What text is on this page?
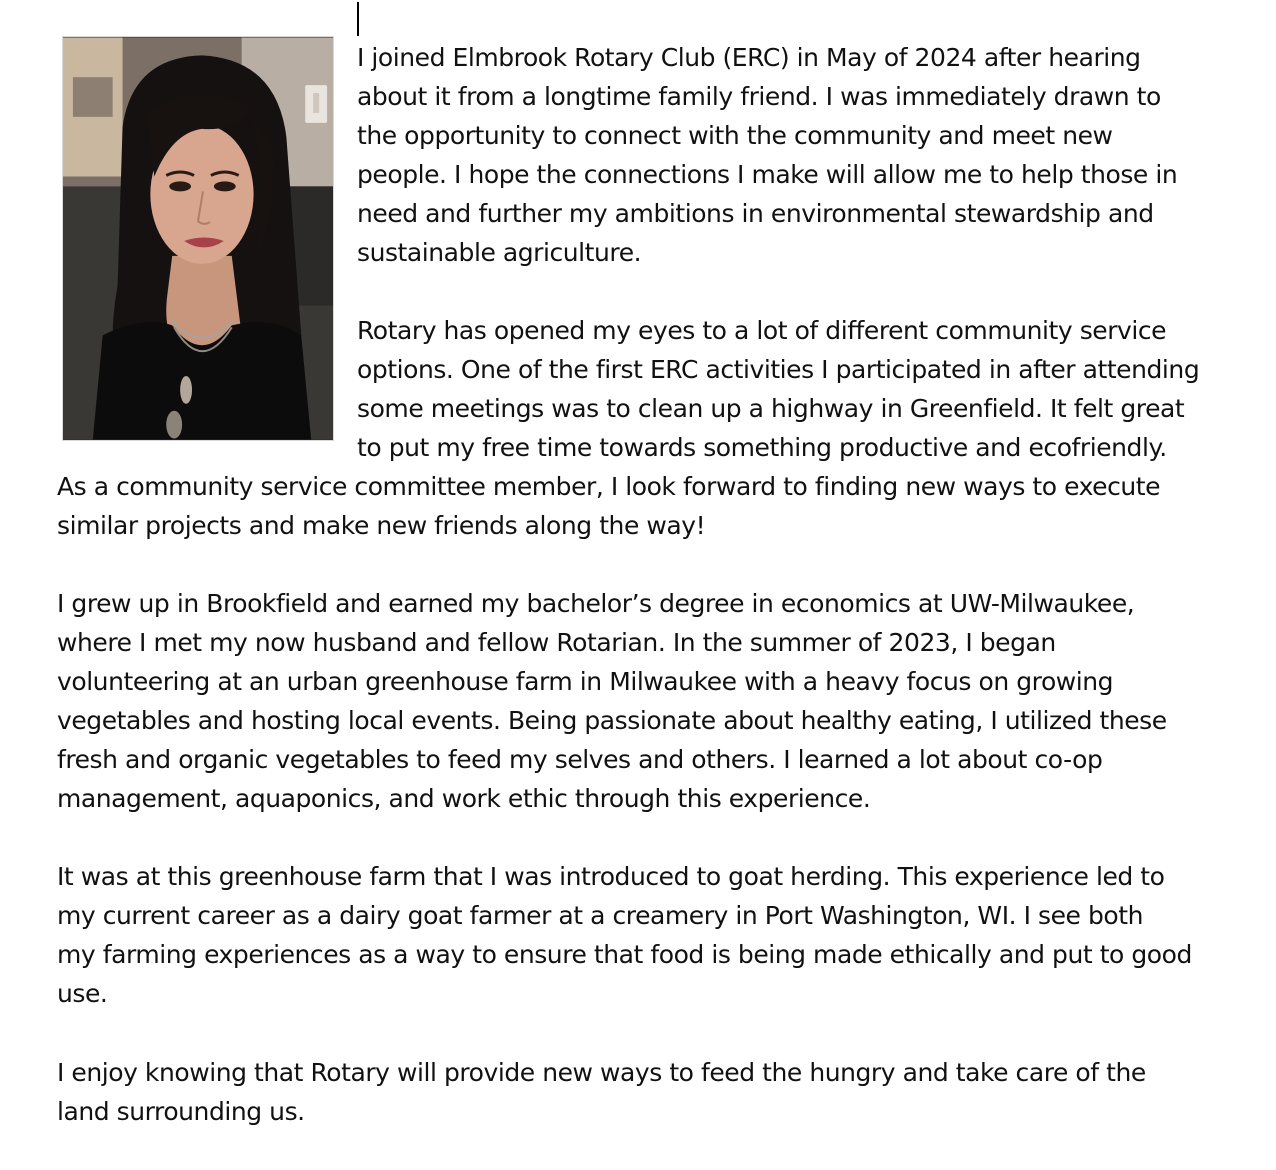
I joined Elmbrook Rotary Club (ERC) in May of 2024 after hearing
about it from a longtime family friend. I was immediately drawn to
the opportunity to connect with the community and meet new
people. I hope the connections I make will allow me to help those in
need and further my ambitions in environmental stewardship and
sustainable agriculture.
Rotary has opened my eyes to a lot of different community service
options. One of the first ERC activities I participated in after attending
some meetings was to clean up a highway in Greenfield. It felt great
to put my free time towards something productive and ecofriendly.
As a community service committee member, I look forward to finding new ways to execute
similar projects and make new friends along the way!
I grew up in Brookfield and earned my bachelor’s degree in economics at UW-Milwaukee,
where I met my now husband and fellow Rotarian. In the summer of 2023, I began
volunteering at an urban greenhouse farm in Milwaukee with a heavy focus on growing
vegetables and hosting local events. Being passionate about healthy eating, I utilized these
fresh and organic vegetables to feed my selves and others. I learned a lot about co-op
management, aquaponics, and work ethic through this experience.
It was at this greenhouse farm that I was introduced to goat herding. This experience led to
my current career as a dairy goat farmer at a creamery in Port Washington, WI. I see both
my farming experiences as a way to ensure that food is being made ethically and put to good
use.
I enjoy knowing that Rotary will provide new ways to feed the hungry and take care of the
land surrounding us.
